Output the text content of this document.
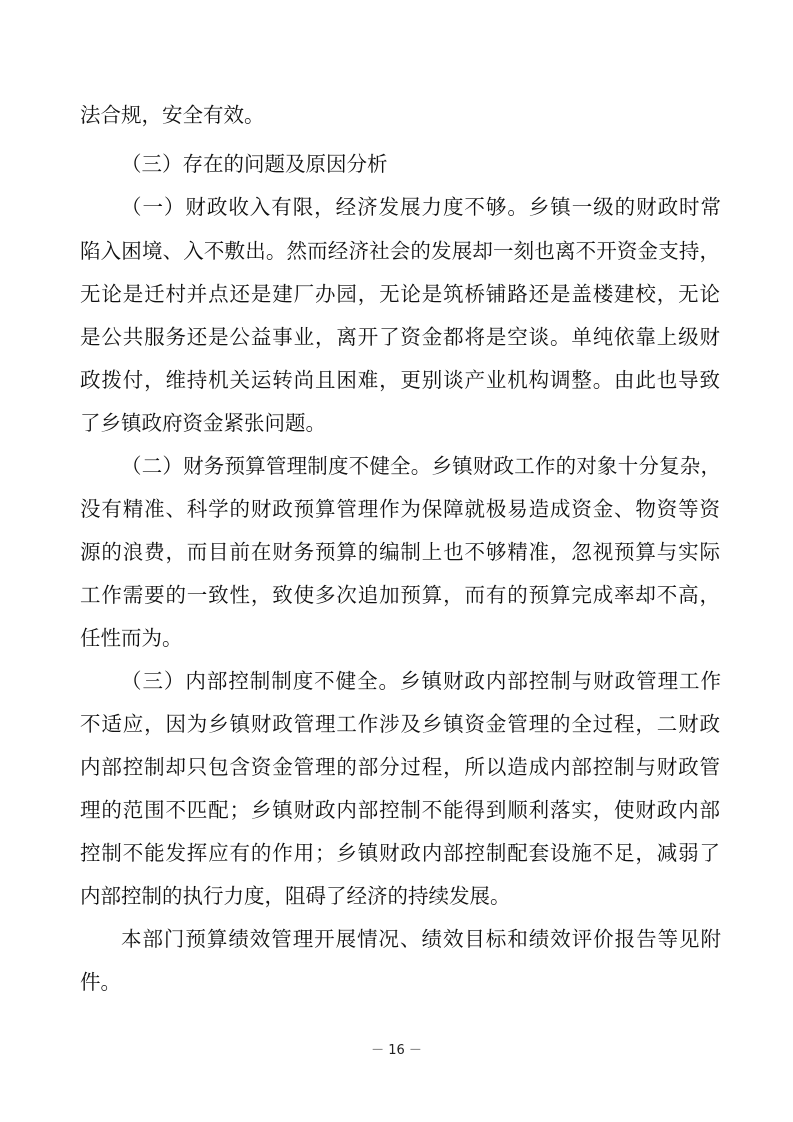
法合规，安全有效。
（三）存在的问题及原因分析
（一）财政收入有限，经济发展力度不够。乡镇一级的财政时常
陷入困境、入不敷出。然而经济社会的发展却一刻也离不开资金支持，
无论是迁村并点还是建厂办园，无论是筑桥铺路还是盖楼建校，无论
是公共服务还是公益事业，离开了资金都将是空谈。单纯依靠上级财
政拨付，维持机关运转尚且困难，更别谈产业机构调整。由此也导致
了乡镇政府资金紧张问题。
（二）财务预算管理制度不健全。乡镇财政工作的对象十分复杂，
没有精准、科学的财政预算管理作为保障就极易造成资金、物资等资
源的浪费，而目前在财务预算的编制上也不够精准，忽视预算与实际
工作需要的一致性，致使多次追加预算，而有的预算完成率却不高，
任性而为。
（三）内部控制制度不健全。乡镇财政内部控制与财政管理工作
不适应，因为乡镇财政管理工作涉及乡镇资金管理的全过程，二财政
内部控制却只包含资金管理的部分过程，所以造成内部控制与财政管
理的范围不匹配；乡镇财政内部控制不能得到顺利落实，使财政内部
控制不能发挥应有的作用；乡镇财政内部控制配套设施不足，减弱了
内部控制的执行力度，阻碍了经济的持续发展。
本部门预算绩效管理开展情况、绩效目标和绩效评价报告等见附
件。
－ 16 －
